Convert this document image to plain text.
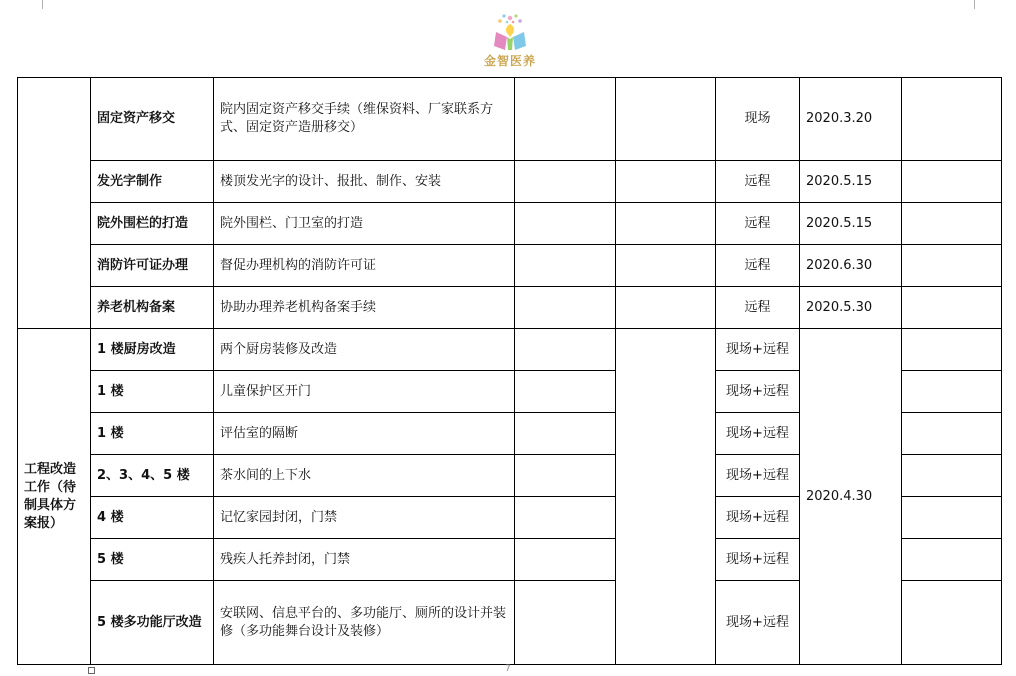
金智医养
	固定资产移交	院内固定资产移交手续（维保资料、厂家联系方式、固定资产造册移交）			现场	2020.3.20	
	发光字制作	楼顶发光字的设计、报批、制作、安装			远程	2020.5.15	
	院外围栏的打造	院外围栏、门卫室的打造			远程	2020.5.15	
	消防许可证办理	督促办理机构的消防许可证			远程	2020.6.30	
	养老机构备案	协助办理养老机构备案手续			远程	2020.5.30	
工程改造工作（待制具体方案报）	1 楼厨房改造	两个厨房装修及改造			现场+远程	2020.4.30	
	1 楼	儿童保护区开门			现场+远程		
	1 楼	评估室的隔断			现场+远程		
	2、3、4、5 楼	茶水间的上下水			现场+远程		
	4 楼	记忆家园封闭，门禁			现场+远程		
	5 楼	残疾人托养封闭，门禁			现场+远程		
	5 楼多功能厅改造	安联网、信息平台的、多功能厅、厕所的设计并装修（多功能舞台设计及装修）			现场+远程		
7
